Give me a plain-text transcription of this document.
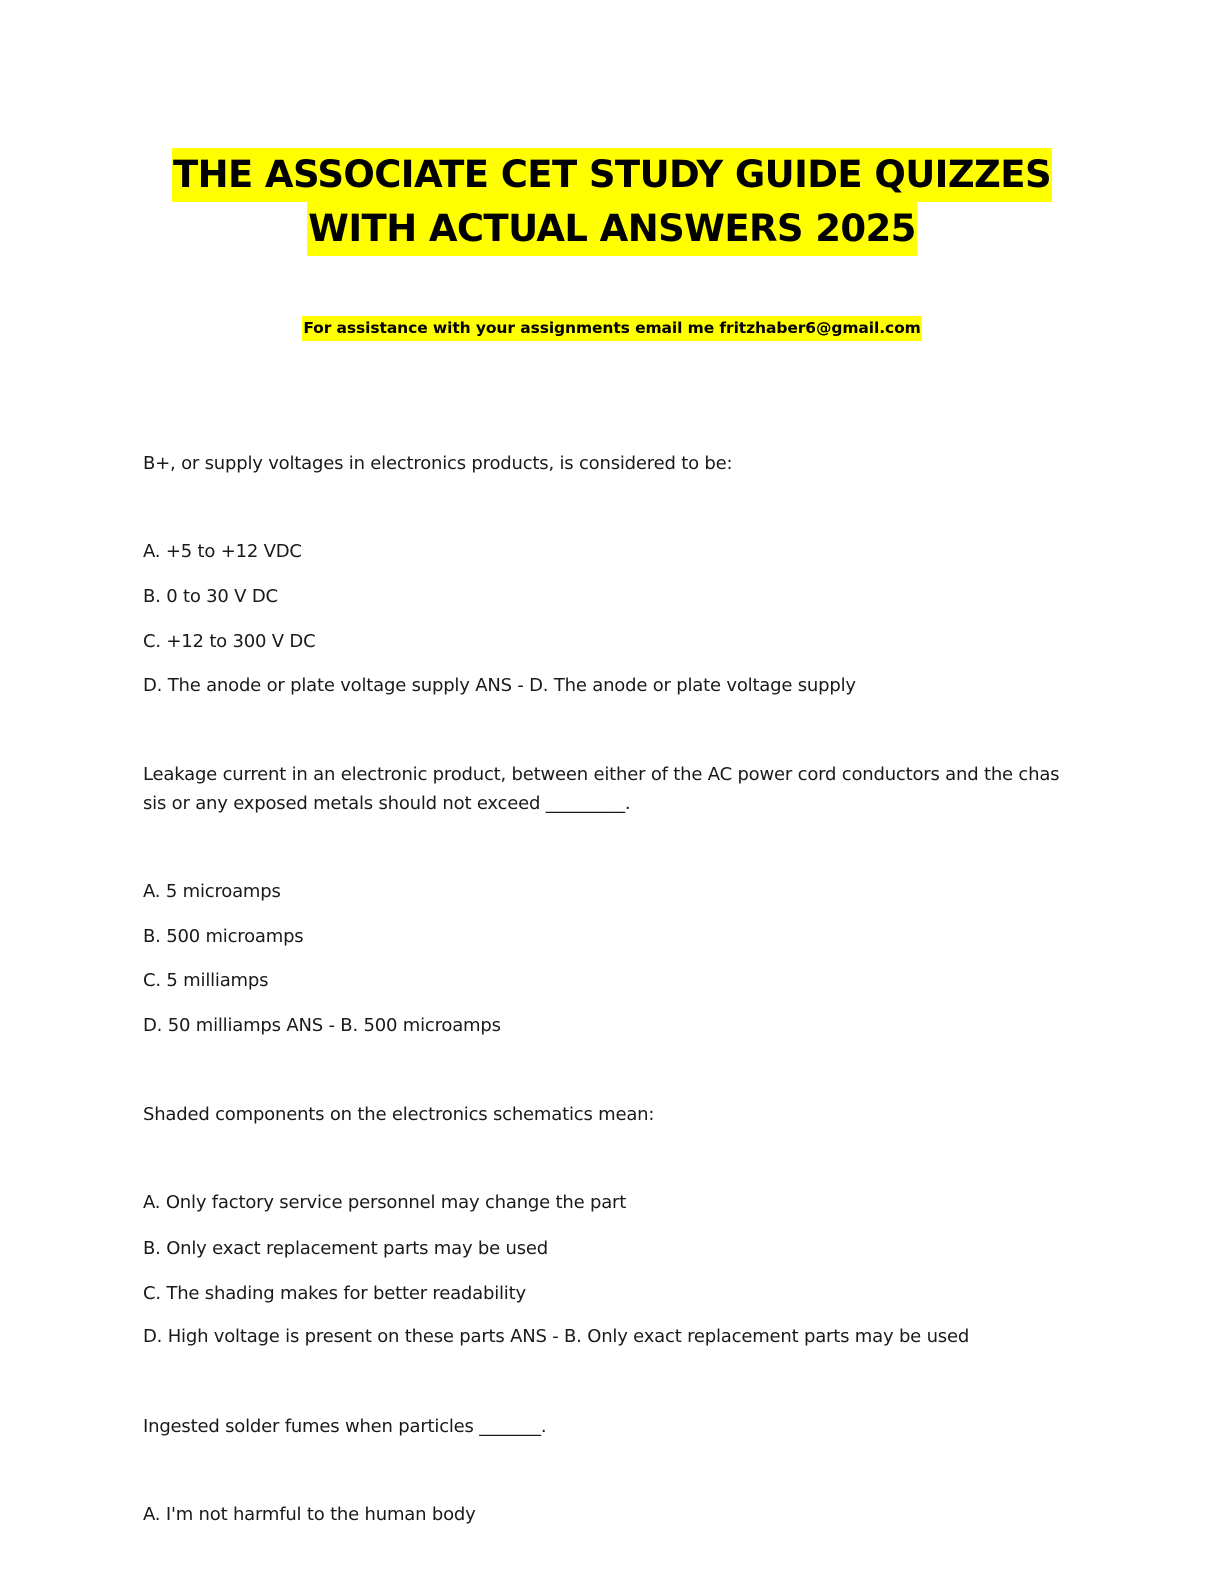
THE ASSOCIATE CET STUDY GUIDE QUIZZES
WITH ACTUAL ANSWERS 2025
For assistance with your assignments email me fritzhaber6@gmail.com
B+, or supply voltages in electronics products, is considered to be:
A. +5 to +12 VDC
B. 0 to 30 V DC
C. +12 to 300 V DC
D. The anode or plate voltage supply ANS - D. The anode or plate voltage supply
Leakage current in an electronic product, between either of the AC power cord conductors and the chas
sis or any exposed metals should not exceed _________.
A. 5 microamps
B. 500 microamps
C. 5 milliamps
D. 50 milliamps ANS - B. 500 microamps
Shaded components on the electronics schematics mean:
A. Only factory service personnel may change the part
B. Only exact replacement parts may be used
C. The shading makes for better readability
D. High voltage is present on these parts ANS - B. Only exact replacement parts may be used
Ingested solder fumes when particles _______.
A. I'm not harmful to the human body
